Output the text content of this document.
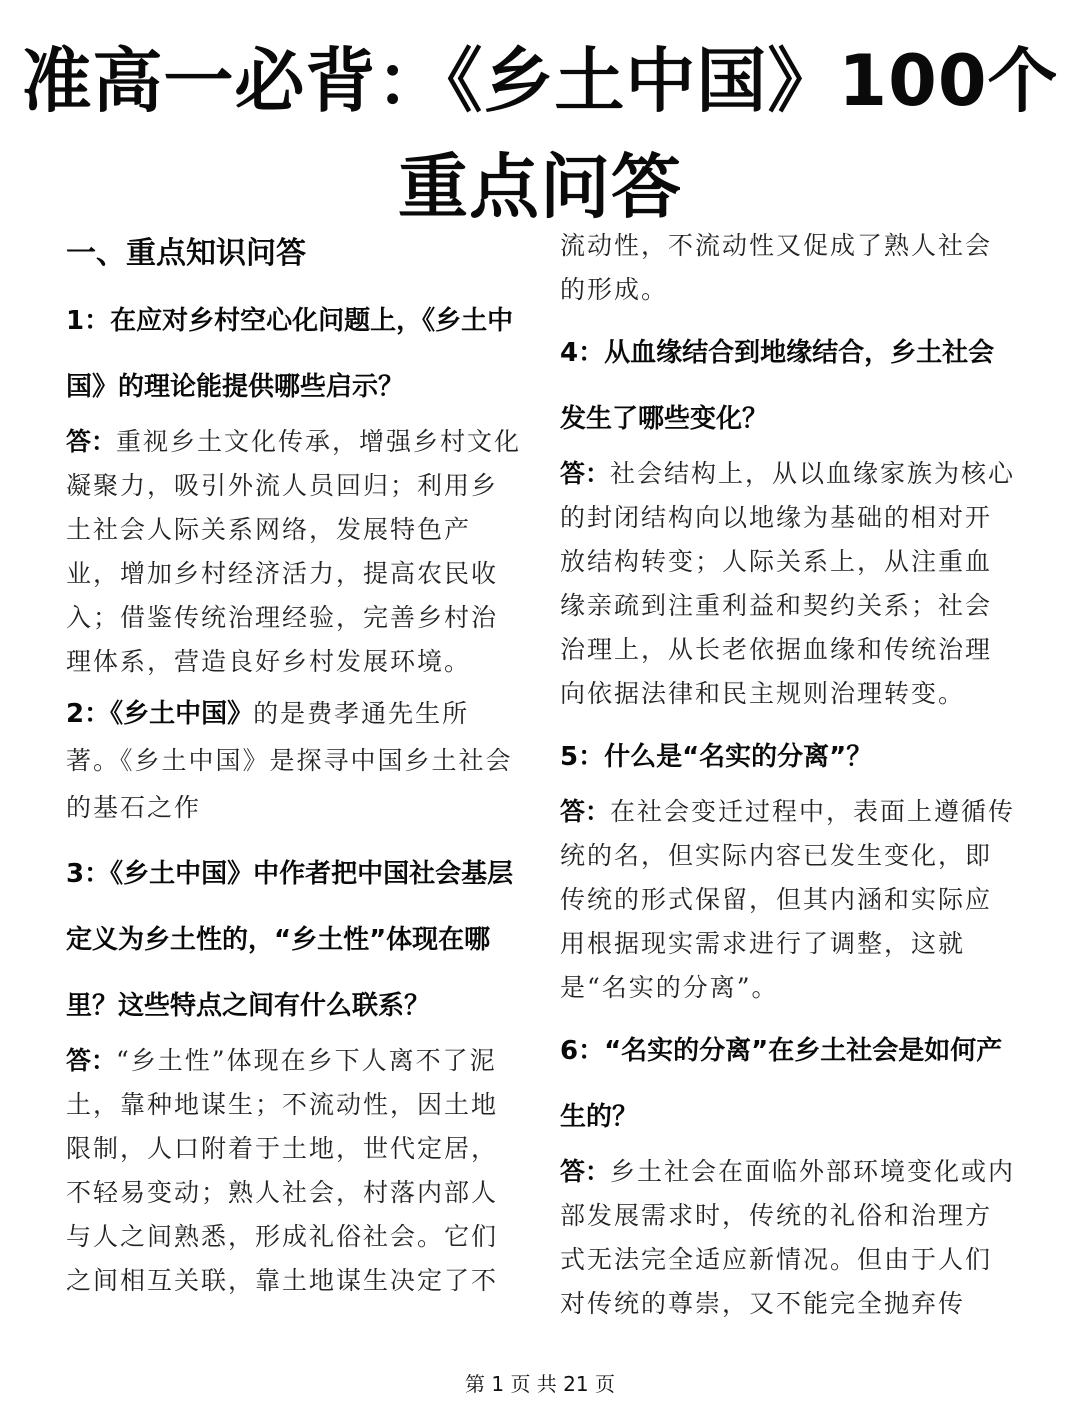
准高一必背：《乡土中国》100个重点问答
一、重点知识问答

1：在应对乡村空心化问题上，《乡土中国》的理论能提供哪些启示？

答：重视乡土文化传承，增强乡村文化凝聚力，吸引外流人员回归；利用乡土社会人际关系网络，发展特色产业，增加乡村经济活力，提高农民收入；借鉴传统治理经验，完善乡村治理体系，营造良好乡村发展环境。

2：《乡土中国》的是费孝通先生所著。《乡土中国》是探寻中国乡土社会的基石之作

3：《乡土中国》中作者把中国社会基层定义为乡土性的，“乡土性”体现在哪里？这些特点之间有什么联系？

答：“乡土性”体现在乡下人离不了泥土，靠种地谋生；不流动性，因土地限制，人口附着于土地，世代定居，不轻易变动；熟人社会，村落内部人与人之间熟悉，形成礼俗社会。它们之间相互关联，靠土地谋生决定了不

流动性，不流动性又促成了熟人社会的形成。

4：从血缘结合到地缘结合，乡土社会发生了哪些变化？

答：社会结构上，从以血缘家族为核心的封闭结构向以地缘为基础的相对开放结构转变；人际关系上，从注重血缘亲疏到注重利益和契约关系；社会治理上，从长老依据血缘和传统治理向依据法律和民主规则治理转变。

5：什么是“名实的分离”？

答：在社会变迁过程中，表面上遵循传统的名，但实际内容已发生变化，即传统的形式保留，但其内涵和实际应用根据现实需求进行了调整，这就是“名实的分离”。

6：“名实的分离”在乡土社会是如何产生的？

答：乡土社会在面临外部环境变化或内部发展需求时，传统的礼俗和治理方式无法完全适应新情况。但由于人们对传统的尊崇，又不能完全抛弃传

第 1 页 共 21 页
